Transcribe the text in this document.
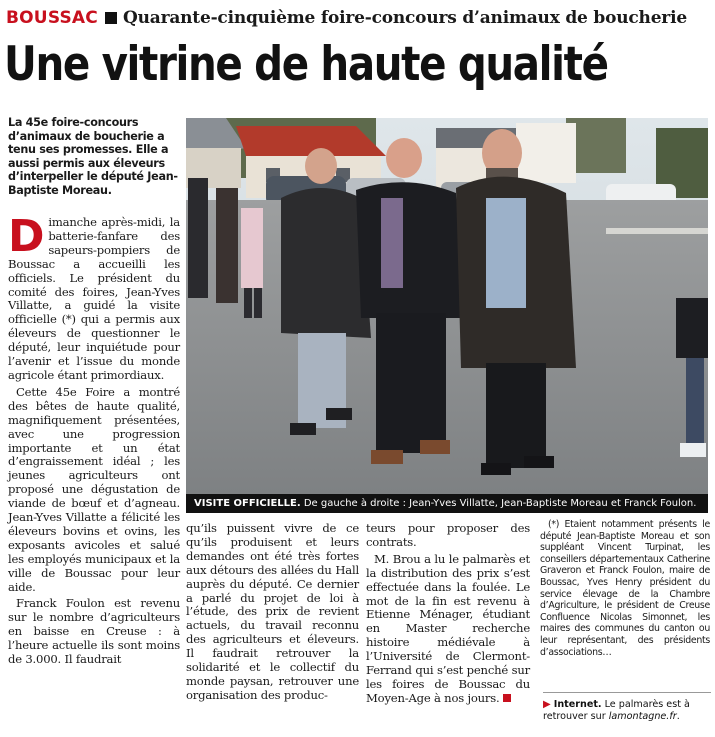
BOUSSAC Quarante-cinquième foire-concours d’animaux de boucherie
Une vitrine de haute qualité
La 45e foire-concours d’animaux de boucherie a tenu ses promesses. Elle a aussi permis aux éleveurs d’interpeller le député Jean-Baptiste Moreau.

Dimanche après-midi, la batterie-fanfare des sapeurs-pompiers de Boussac a accueilli les officiels. Le président du comité des foires, Jean-Yves Villatte, a guidé la visite officielle (*) qui a permis aux éleveurs de questionner le député, leur inquiétude pour l’avenir et l’issue du monde agricole étant primordiaux.

Cette 45e Foire a montré des bêtes de haute qualité, magnifiquement présentées, avec une progression importante et un état d’engraissement idéal ; les jeunes agriculteurs ont proposé une dégustation de viande de bœuf et d’agneau. Jean-Yves Villatte a félicité les éleveurs bovins et ovins, les exposants avicoles et salué les employés municipaux et la ville de Boussac pour leur aide.

Franck Foulon est revenu sur le nombre d’agriculteurs en baisse en Creuse : à l’heure actuelle ils sont moins de 3.000. Il faudrait

VISITE OFFICIELLE. De gauche à droite : Jean-Yves Villatte, Jean-Baptiste Moreau et Franck Foulon.

qu’ils puissent vivre de ce qu’ils produisent et leurs demandes ont été très fortes aux détours des allées du Hall auprès du député. Ce dernier a parlé du projet de loi à l’étude, des prix de revient actuels, du travail reconnu des agriculteurs et éleveurs. Il faudrait retrouver la solidarité et le collectif du monde paysan, retrouver une organisation des produc-

teurs pour proposer des contrats.

M. Brou a lu le palmarès et la distribution des prix s’est effectuée dans la foulée. Le mot de la fin est revenu à Etienne Ménager, étudiant en Master recherche histoire médiévale à l’Université de Clermont-Ferrand qui s’est penché sur les foires de Boussac du Moyen-Age à nos jours.

(*) Etaient notamment présents le député Jean-Baptiste Moreau et son suppléant Vincent Turpinat, les conseillers départementaux Catherine Graveron et Franck Foulon, maire de Boussac, Yves Henry président du service élevage de la Chambre d’Agriculture, le président de Creuse Confluence Nicolas Simonnet, les maires des communes du canton ou leur représentant, des présidents d’associations…

▶ Internet. Le palmarès est à retrouver sur lamontagne.fr.
